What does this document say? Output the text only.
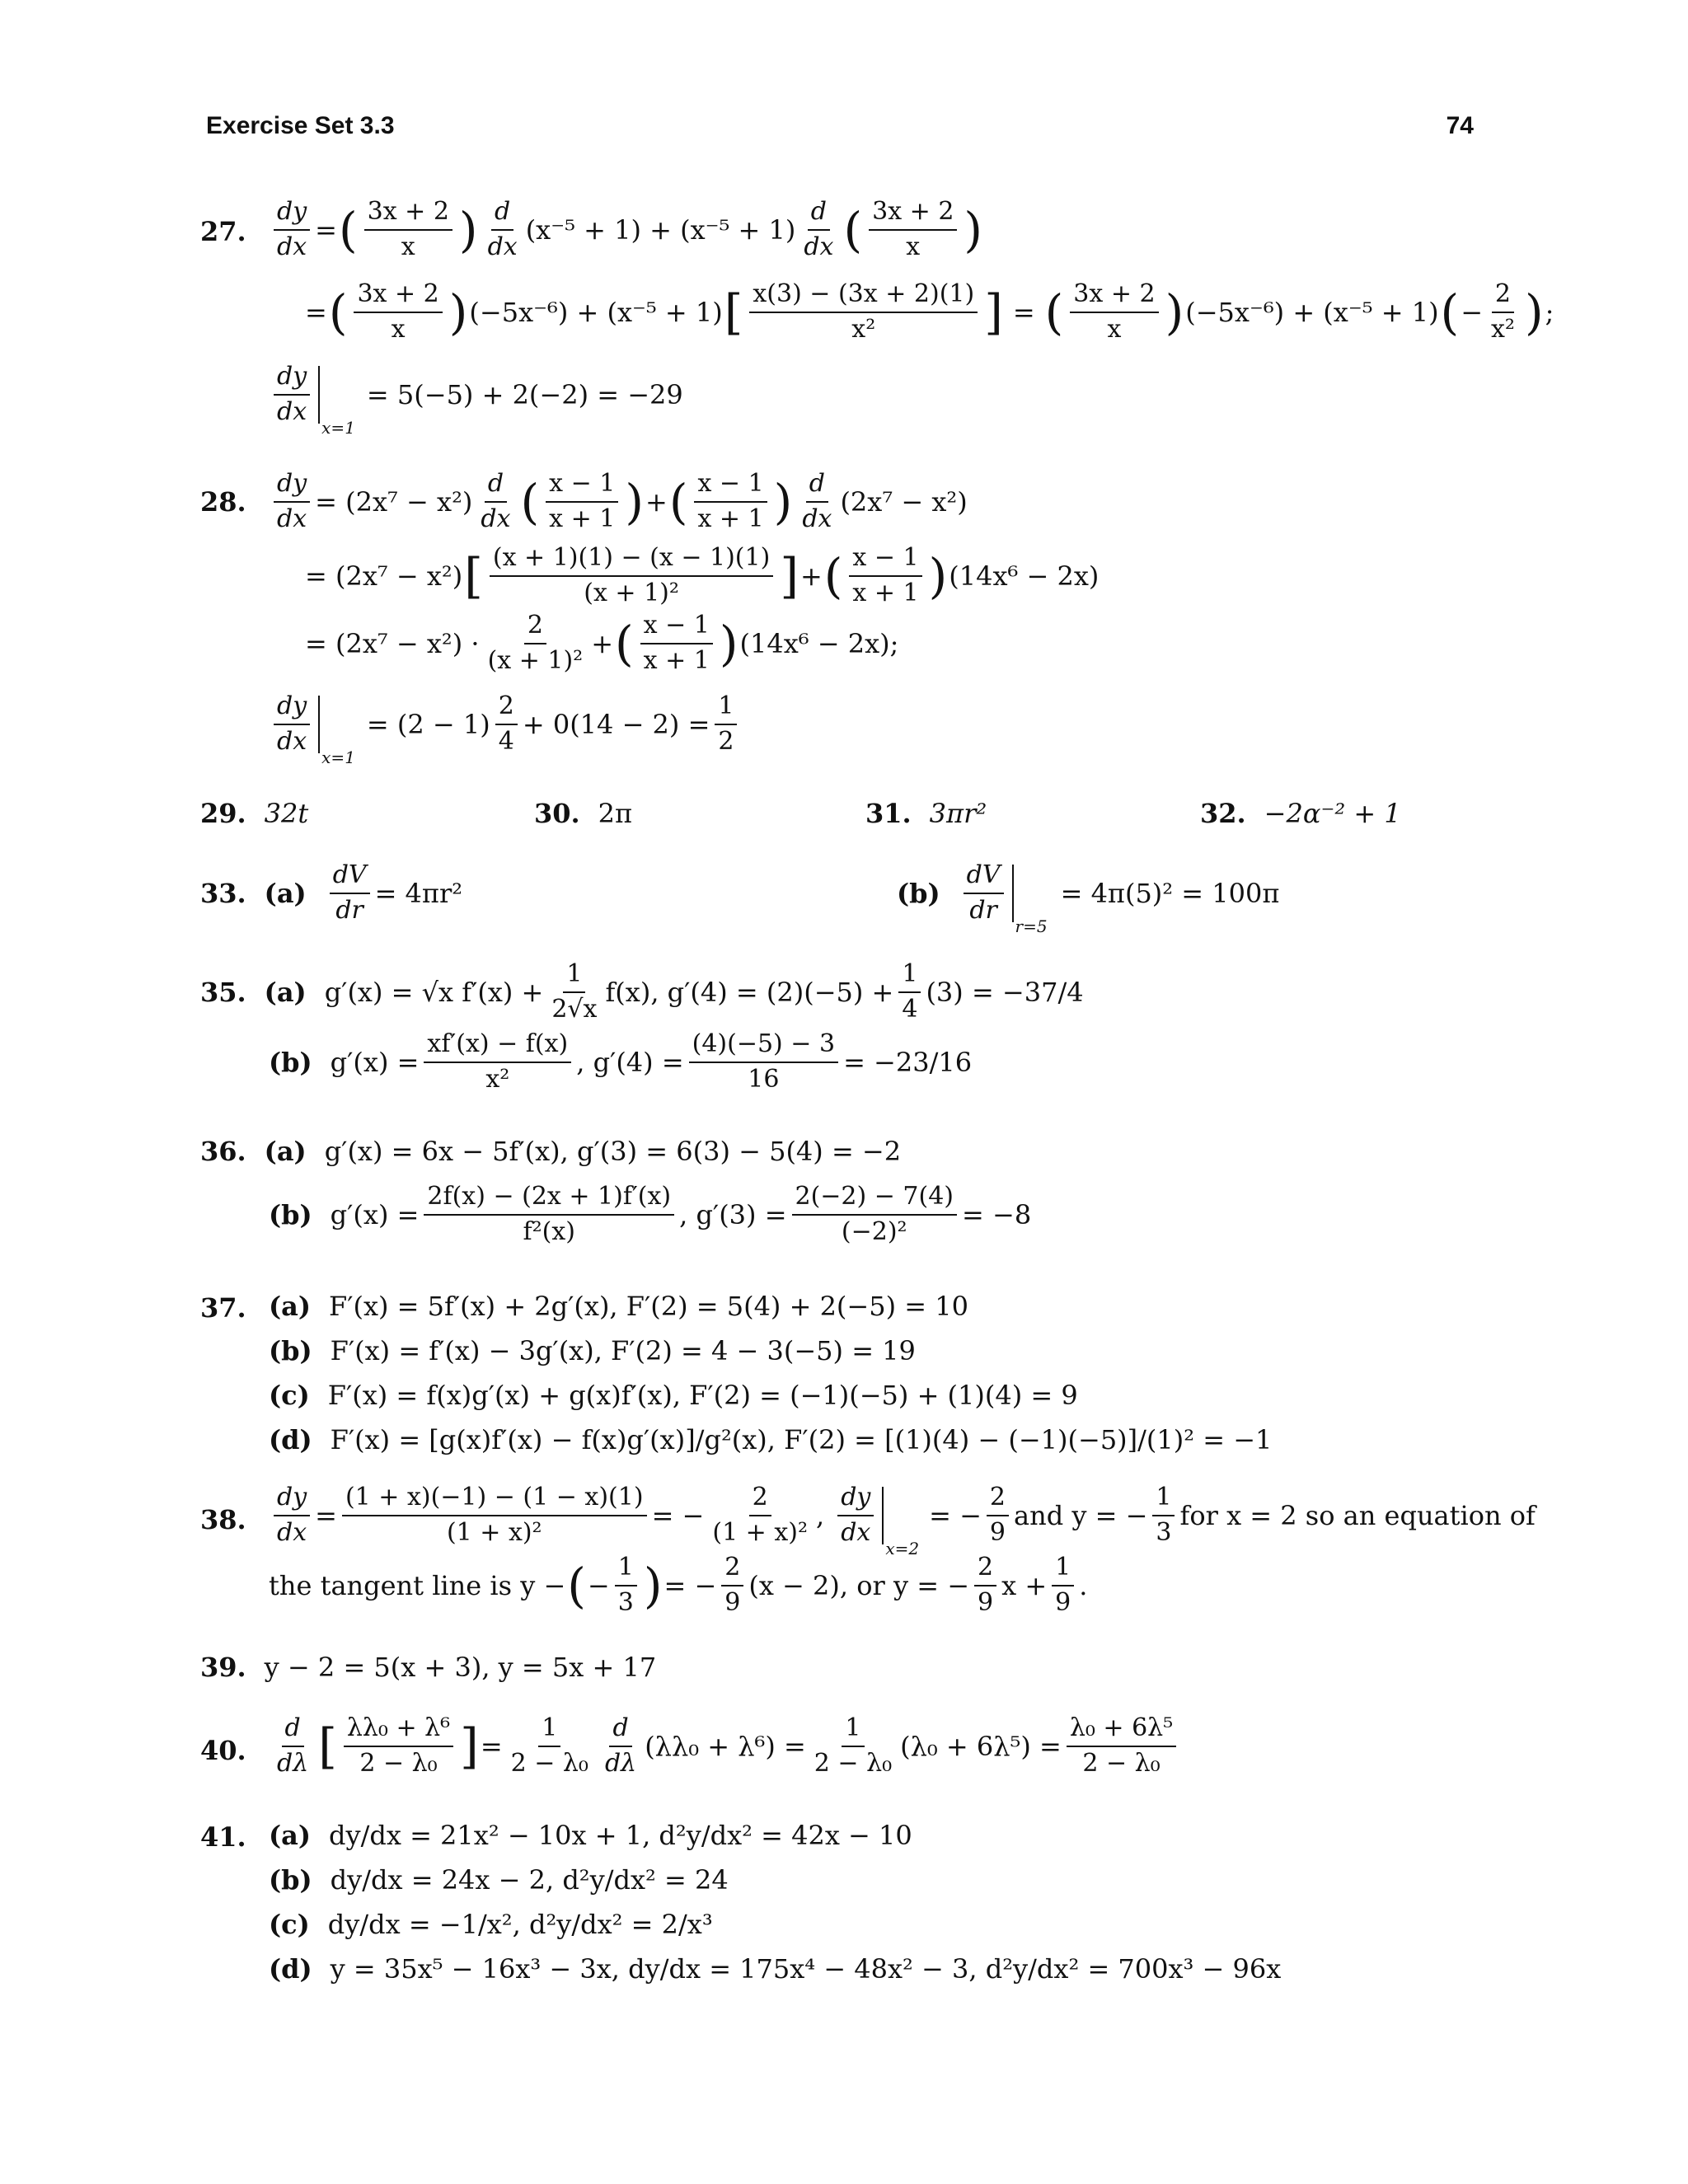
Exercise Set 3.3	74
27. $\frac{dy}{dx}$ = ( $\frac{3x + 2}{x}$ ) $\frac{d}{dx} (x^{-5} + 1) + (x^{-5} + 1) \frac{d}{dx}$ ( $\frac{3x + 2}{x}$ )
= ( $\frac{3x + 2}{x}$ ) (−5x⁻⁶) + (x⁻⁵ + 1) [ $\frac{x(3) - (3x + 2)(1)}{\text{x²}}$ ] = ( $\frac{3x + 2}{x}$ ) (−5x⁻⁶) + (x⁻⁵ + 1) ( − $\frac{2}{\text{x²}}$ ) ;
$\frac{dy}{dx}$
x=1
= 5(−5) + 2(−2) = −29
28. $\frac{dy}{dx} = (2x^7 - x^2) \frac{d}{dx}$ ( $\frac{x - 1}{x + 1}$ ) + ( $\frac{x - 1}{x + 1}$ ) $\frac{d}{dx} (2x^7 - x^2)$
= (2x⁷ − x²) [ $\frac{(x + 1)(1) - (x - 1)(1)}{\text{(x + 1)²}}$ ] + ( $\frac{x - 1}{x + 1}$ ) (14x⁶ − 2x)
= $(2x^7 - x^2) \cdot \frac{2}{\text{(x + 1)²}}$ + ( $\frac{x - 1}{x + 1}$ ) (14x⁶ − 2x);
$\frac{dy}{dx}$
x=1
= $(2 - 1) \frac{2}{4} + 0(14 - 2) = \frac{1}{2}$
29. 32t	30. 2π	31. 3πr²	32. −2α⁻² + 1
33. $(a) \frac{dV}{dr} = 4\pi r^2$	$(b) \frac{dV}{dr}$
r=5
= 4π(5)² = 100π
35. (a) g′(x) = √x $f'(x) + \frac{1}{2√x} f(x)$, $g'(4) = (2)(-5) + \frac{1}{4} (3) = -37/4$
(b) $g'(x) = \frac{xf'(x) - f(x)}{\text{x²}}$ , $g'(4) = \frac{(4)(-5) - 3}{16} = -23/16$
36. (a) g′(x) = 6x − 5f′(x), g′(3) = 6(3) − 5(4) = −2
(b) $g'(x) = \frac{2f(x) - (2x + 1)f'(x)}{\text{f²(x)}}$ , $g'(3) = \frac{2(-2) - 7(4)}{\text{(−2)²}} = -8$
37. (a) F′(x) = 5f′(x) + 2g′(x), F′(2) = 5(4) + 2(−5) = 10
(b) F′(x) = f′(x) − 3g′(x), F′(2) = 4 − 3(−5) = 19
(c) F′(x) = f(x)g′(x) + g(x)f′(x), F′(2) = (−1)(−5) + (1)(4) = 9
(d) F′(x) = [g(x)f′(x) − f(x)g′(x)]/g²(x), F′(2) = [(1)(4) − (−1)(−5)]/(1)² = −1
38. $\frac{dy}{dx} = \frac{(1 + x)(-1) - (1 - x)(1)}{\text{(1 + x)²}}$ = − $\frac{2}{\text{(1 + x)²}}$ , $\frac{dy}{dx}$
x=2
= − $\frac{2}{9}$ and y = − $\frac{1}{3}$ for x = 2 so an equation of
the tangent line is y − ( − $\frac{1}{3}$ ) = − $\frac{2}{9} (x - 2)$, or y = − $\frac{2}{9}$ $x + \frac{1}{9}$ .
39. y − 2 = 5(x + 3), y = 5x + 17
40. $\frac{d}{d\lambda}$ [ $\frac{\text{λλ₀ + λ⁶}}{\text{2 − λ₀}}$ ] = $\frac{1}{\text{2 − λ₀}} \frac{d}{d\lambda} (\lambda\lambda_0 + \lambda^6) = \frac{1}{\text{2 − λ₀}} (\lambda_0 + 6\lambda^5) = \frac{\text{λ₀ + 6λ⁵}}{\text{2 − λ₀}}$
41. (a) dy/dx = 21x² − 10x + 1, d²y/dx² = 42x − 10
(b) dy/dx = 24x − 2, d²y/dx² = 24
(c) dy/dx = −1/x², d²y/dx² = 2/x³
(d) y = 35x⁵ − 16x³ − 3x, dy/dx = 175x⁴ − 48x² − 3, d²y/dx² = 700x³ − 96x
